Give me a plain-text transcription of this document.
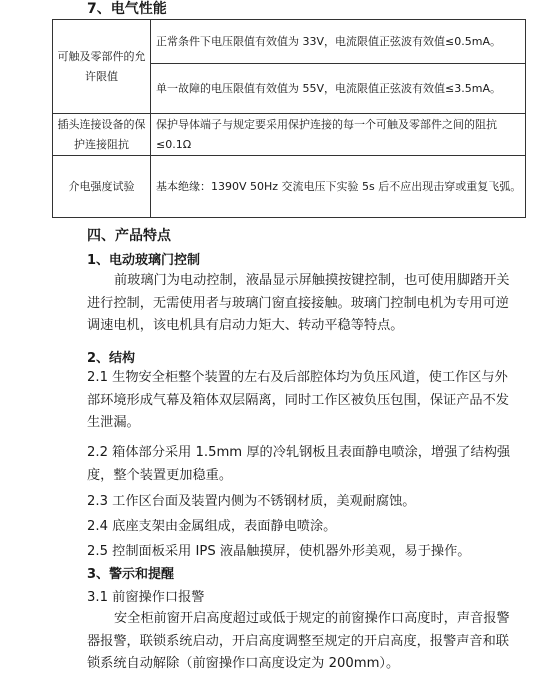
7、电气性能
可触及零部件的允许限值	正常条件下电压限值有效值为 33V，电流限值正弦波有效值≤0.5mA。
	单一故障的电压限值有效值为 55V，电流限值正弦波有效值≤3.5mA。
插头连接设备的保护连接阻抗	保护导体端子与规定要采用保护连接的每一个可触及零部件之间的阻抗≤0.1Ω
介电强度试验	基本绝缘：1390V 50Hz 交流电压下实验 5s 后不应出现击穿或重复飞弧。
四、产品特点
1、电动玻璃门控制
前玻璃门为电动控制，液晶显示屏触摸按键控制，也可使用脚踏开关进行控制，无需使用者与玻璃门窗直接接触。玻璃门控制电机为专用可逆调速电机，该电机具有启动力矩大、转动平稳等特点。
2、结构
2.1 生物安全柜整个装置的左右及后部腔体均为负压风道，使工作区与外部环境形成气幕及箱体双层隔离，同时工作区被负压包围，保证产品不发生泄漏。
2.2 箱体部分采用 1.5mm 厚的冷轧钢板且表面静电喷涂，增强了结构强度，整个装置更加稳重。
2.3 工作区台面及装置内侧为不锈钢材质，美观耐腐蚀。
2.4 底座支架由金属组成，表面静电喷涂。
2.5 控制面板采用 IPS 液晶触摸屏，使机器外形美观，易于操作。
3、警示和提醒
3.1 前窗操作口报警
安全柜前窗开启高度超过或低于规定的前窗操作口高度时，声音报警器报警，联锁系统启动，开启高度调整至规定的开启高度，报警声音和联锁系统自动解除（前窗操作口高度设定为 200mm）。
